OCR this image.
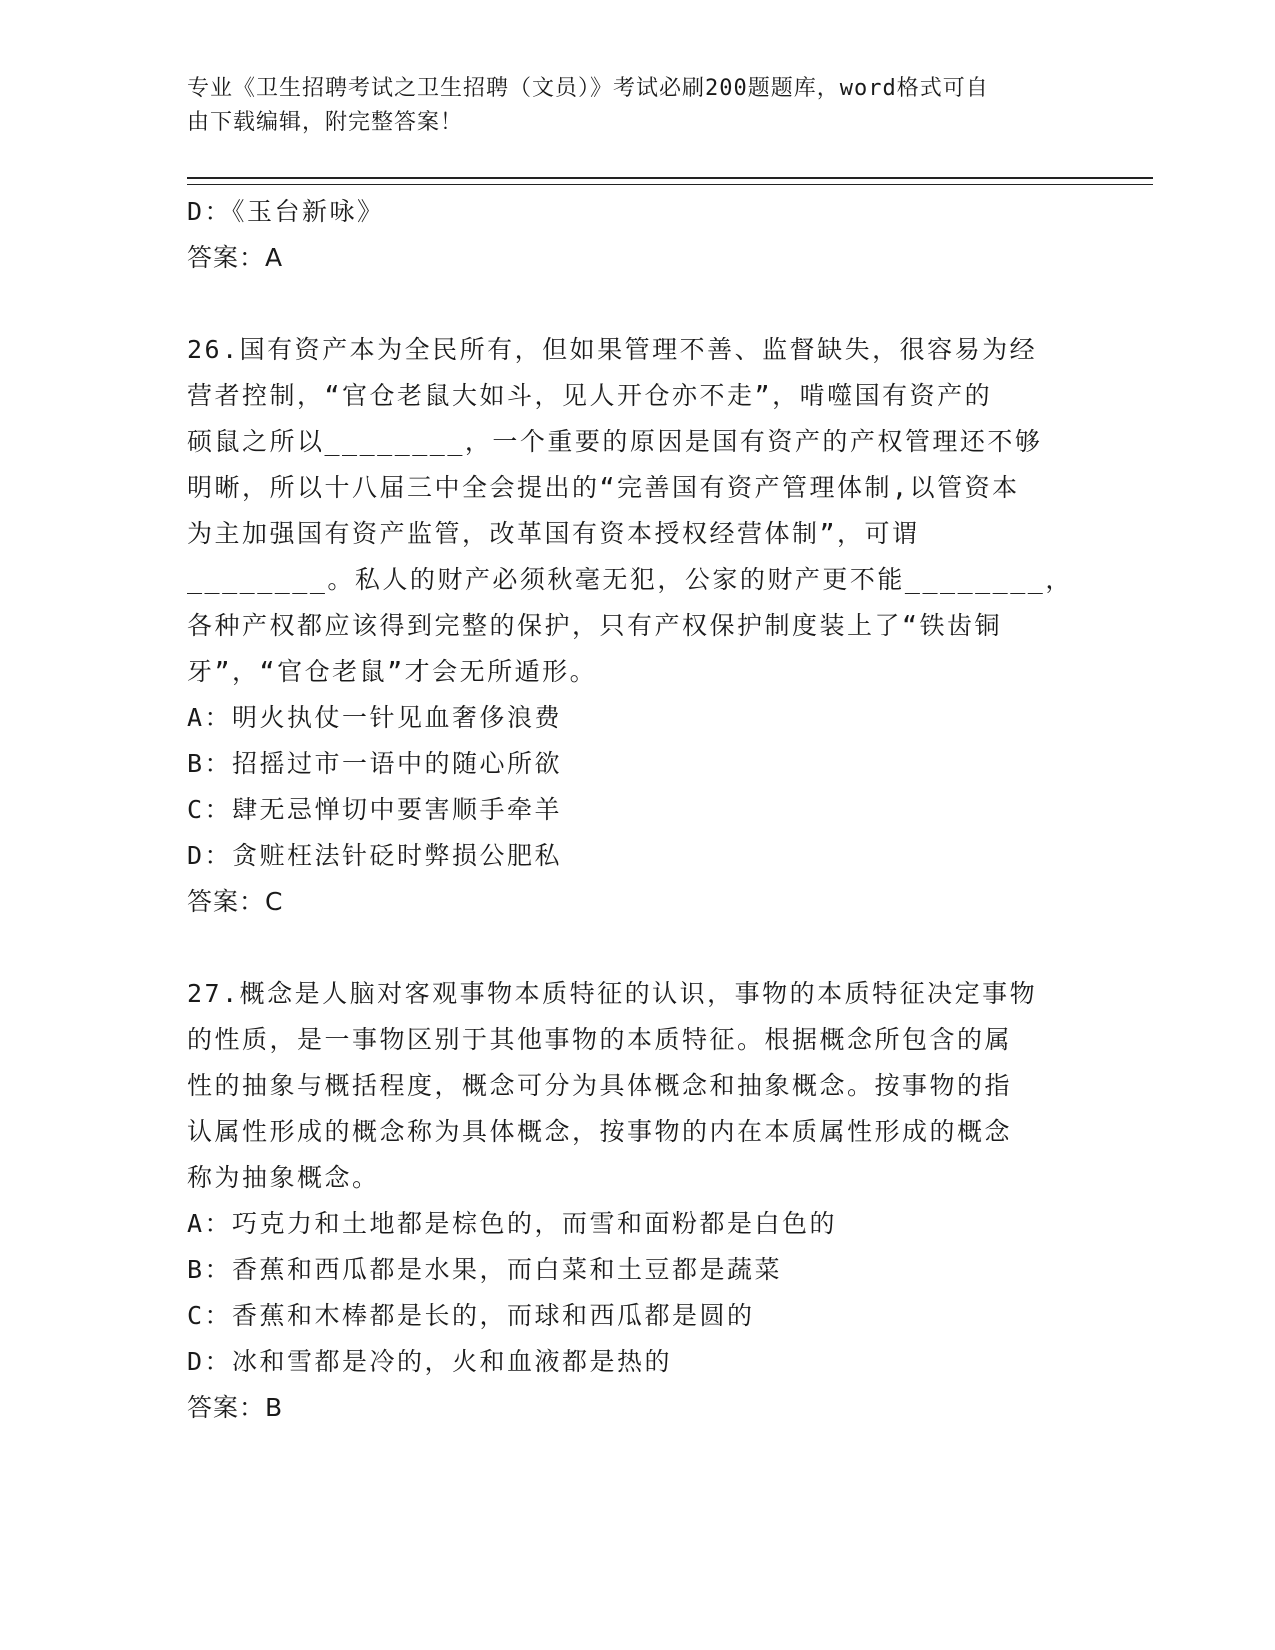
专业《卫生招聘考试之卫生招聘（文员）》考试必刷200题题库，word格式可自
由下载编辑，附完整答案！
D：《玉台新咏》
答案：A
26.国有资产本为全民所有，但如果管理不善、监督缺失，很容易为经
营者控制，“官仓老鼠大如斗，见人开仓亦不走”，啃噬国有资产的
硕鼠之所以________，一个重要的原因是国有资产的产权管理还不够
明晰，所以十八届三中全会提出的“完善国有资产管理体制,以管资本
为主加强国有资产监管，改革国有资本授权经营体制”，可谓
________。私人的财产必须秋毫无犯，公家的财产更不能________，
各种产权都应该得到完整的保护，只有产权保护制度装上了“铁齿铜
牙”，“官仓老鼠”才会无所遁形。
A：明火执仗一针见血奢侈浪费
B：招摇过市一语中的随心所欲
C：肆无忌惮切中要害顺手牵羊
D：贪赃枉法针砭时弊损公肥私
答案：C
27.概念是人脑对客观事物本质特征的认识，事物的本质特征决定事物
的性质，是一事物区别于其他事物的本质特征。根据概念所包含的属
性的抽象与概括程度，概念可分为具体概念和抽象概念。按事物的指
认属性形成的概念称为具体概念，按事物的内在本质属性形成的概念
称为抽象概念。
A：巧克力和土地都是棕色的，而雪和面粉都是白色的
B：香蕉和西瓜都是水果，而白菜和土豆都是蔬菜
C：香蕉和木棒都是长的，而球和西瓜都是圆的
D：冰和雪都是冷的，火和血液都是热的
答案：B
